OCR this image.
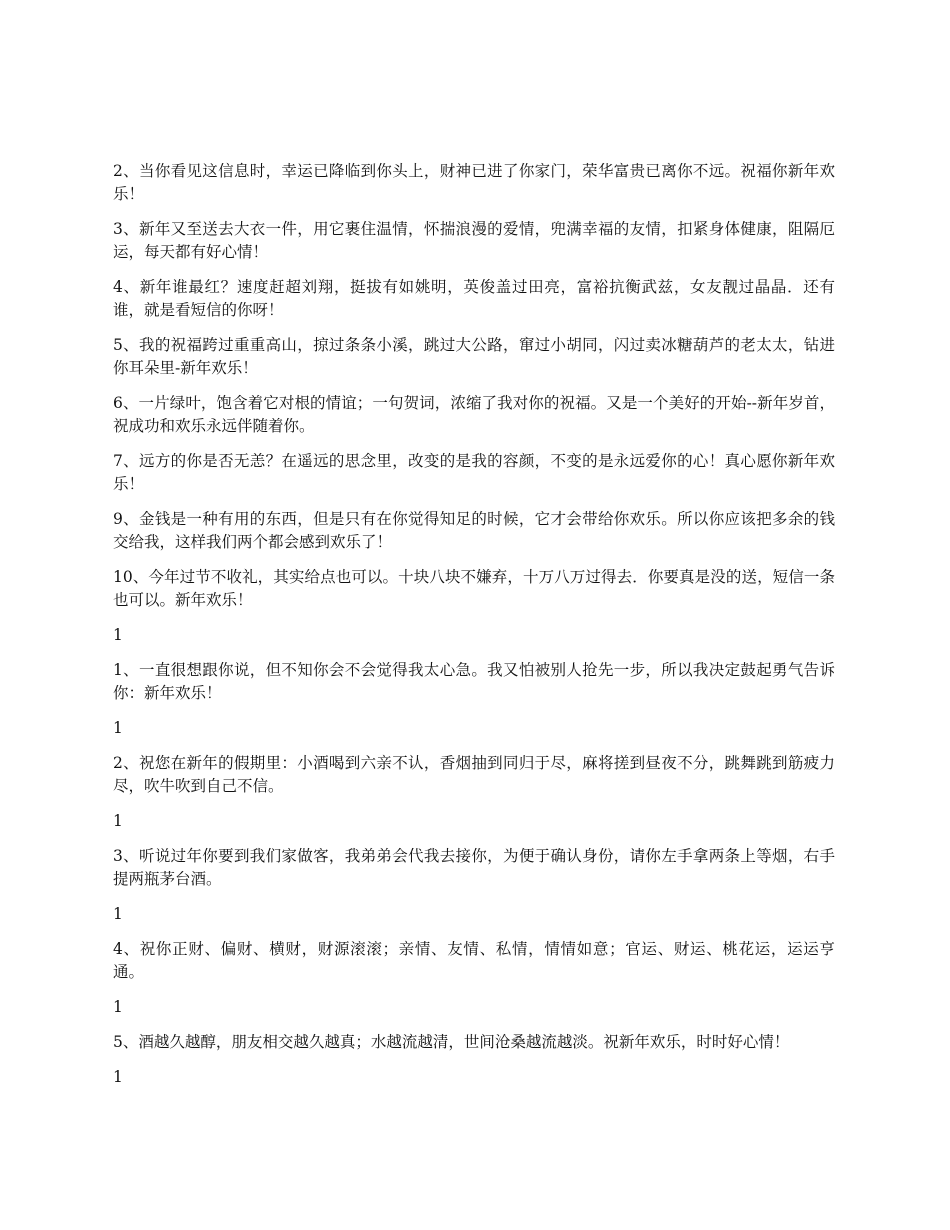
2、当你看见这信息时，幸运已降临到你头上，财神已进了你家门，荣华富贵已离你不远。祝福你新年欢乐！

3、新年又至送去大衣一件，用它裹住温情，怀揣浪漫的爱情，兜满幸福的友情，扣紧身体健康，阻隔厄运，每天都有好心情！

4、新年谁最红？速度赶超刘翔，挺拔有如姚明，英俊盖过田亮，富裕抗衡武兹，女友靓过晶晶．还有谁，就是看短信的你呀！

5、我的祝福跨过重重高山，掠过条条小溪，跳过大公路，窜过小胡同，闪过卖冰糖葫芦的老太太，钻进你耳朵里-新年欢乐！

6、一片绿叶，饱含着它对根的情谊；一句贺词，浓缩了我对你的祝福。又是一个美好的开始--新年岁首，祝成功和欢乐永远伴随着你。

7、远方的你是否无恙？在遥远的思念里，改变的是我的容颜，不变的是永远爱你的心！真心愿你新年欢乐！

9、金钱是一种有用的东西，但是只有在你觉得知足的时候，它才会带给你欢乐。所以你应该把多余的钱交给我，这样我们两个都会感到欢乐了！

10、今年过节不收礼，其实给点也可以。十块八块不嫌弃，十万八万过得去．你要真是没的送，短信一条也可以。新年欢乐！

1

1、一直很想跟你说，但不知你会不会觉得我太心急。我又怕被别人抢先一步，所以我决定鼓起勇气告诉你：新年欢乐！

1

2、祝您在新年的假期里：小酒喝到六亲不认，香烟抽到同归于尽，麻将搓到昼夜不分，跳舞跳到筋疲力尽，吹牛吹到自己不信。

1

3、听说过年你要到我们家做客，我弟弟会代我去接你，为便于确认身份，请你左手拿两条上等烟，右手提两瓶茅台酒。

1

4、祝你正财、偏财、横财，财源滚滚；亲情、友情、私情，情情如意；官运、财运、桃花运，运运亨通。

1

5、酒越久越醇，朋友相交越久越真；水越流越清，世间沧桑越流越淡。祝新年欢乐，时时好心情！

1
